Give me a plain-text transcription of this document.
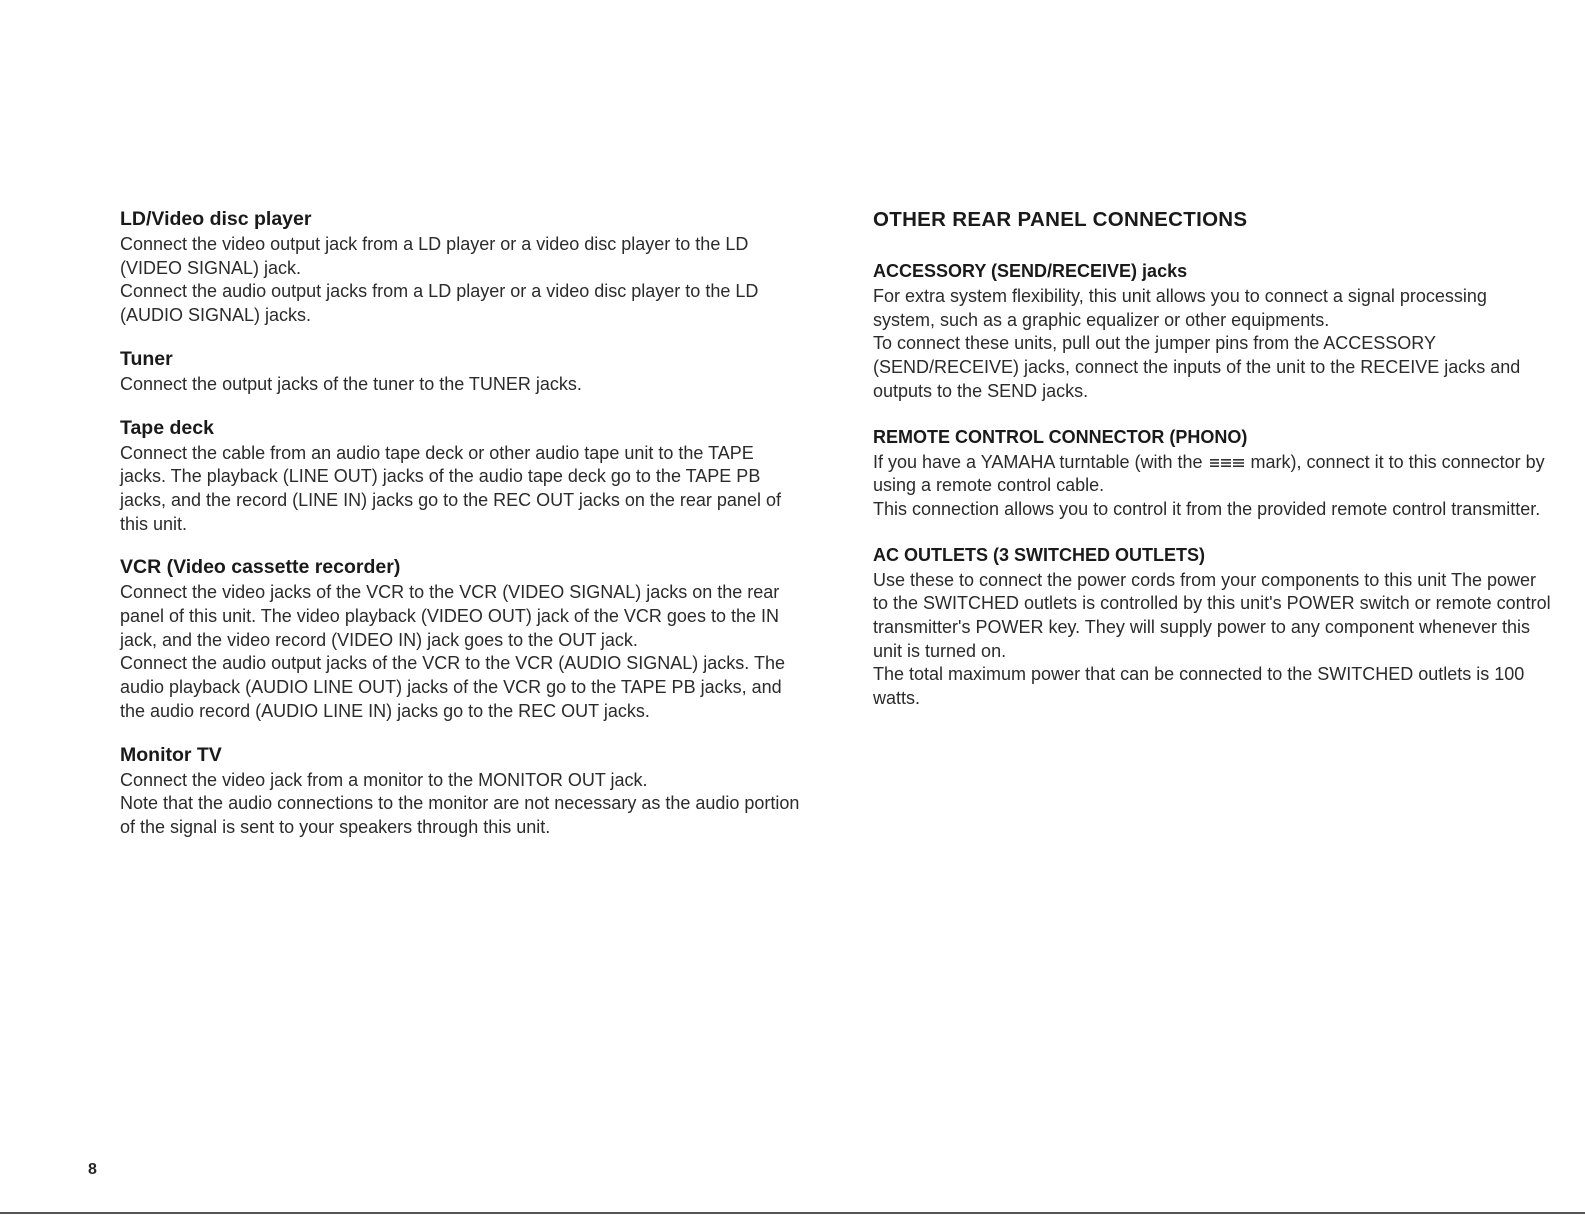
LD/Video disc player

Connect the video output jack from a LD player or a video disc player to the LD (VIDEO SIGNAL) jack.

Connect the audio output jacks from a LD player or a video disc player to the LD (AUDIO SIGNAL) jacks.

Tuner

Connect the output jacks of the tuner to the TUNER jacks.

Tape deck

Connect the cable from an audio tape deck or other audio tape unit to the TAPE jacks. The playback (LINE OUT) jacks of the audio tape deck go to the TAPE PB jacks, and the record (LINE IN) jacks go to the REC OUT jacks on the rear panel of this unit.

VCR (Video cassette recorder)

Connect the video jacks of the VCR to the VCR (VIDEO SIGNAL) jacks on the rear panel of this unit. The video playback (VIDEO OUT) jack of the VCR goes to the IN jack, and the video record (VIDEO IN) jack goes to the OUT jack.

Connect the audio output jacks of the VCR to the VCR (AUDIO SIGNAL) jacks. The audio playback (AUDIO LINE OUT) jacks of the VCR go to the TAPE PB jacks, and the audio record (AUDIO LINE IN) jacks go to the REC OUT jacks.

Monitor TV

Connect the video jack from a monitor to the MONITOR OUT jack.

Note that the audio connections to the monitor are not necessary as the audio portion of the signal is sent to your speakers through this unit.

OTHER REAR PANEL CONNECTIONS
ACCESSORY (SEND/RECEIVE) jacks

For extra system flexibility, this unit allows you to connect a signal processing system, such as a graphic equalizer or other equipments.

To connect these units, pull out the jumper pins from the ACCESSORY (SEND/RECEIVE) jacks, connect the inputs of the unit to the RECEIVE jacks and outputs to the SEND jacks.

REMOTE CONTROL CONNECTOR (PHONO)

If you have a YAMAHA turntable (with the	mark), connect it to this connector by using a remote control cable.

This connection allows you to control it from the provided remote control transmitter.

AC OUTLETS (3 SWITCHED OUTLETS)

Use these to connect the power cords from your components to this unit The power to the SWITCHED outlets is controlled by this unit's POWER switch or remote control transmitter's POWER key. They will supply power to any component whenever this unit is turned on.

The total maximum power that can be connected to the SWITCHED outlets is 100 watts.

8
